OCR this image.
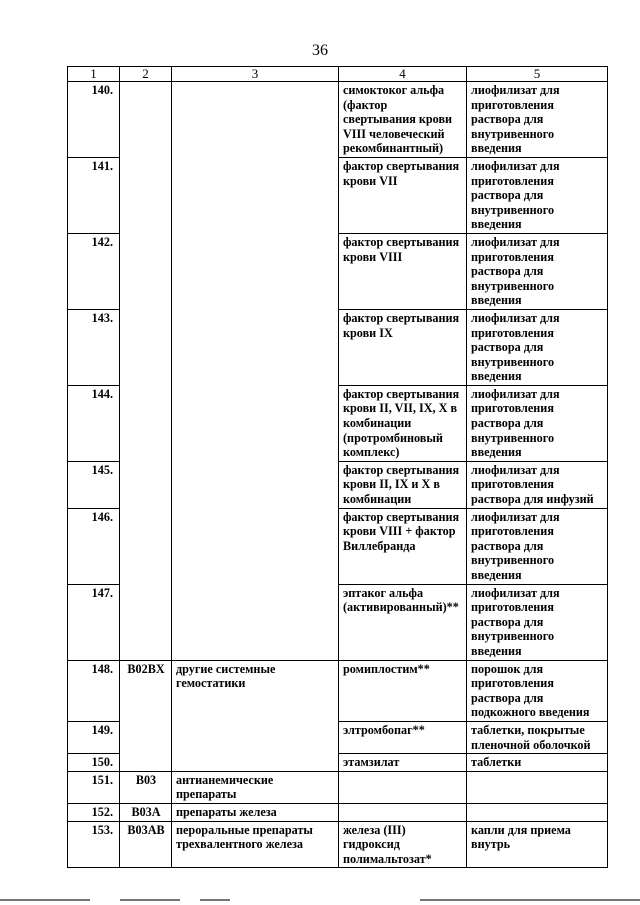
36
1	2	3	4	5
140.			симоктоког альфа (фактор свертывания крови VIII человеческий рекомбинантный)	лиофилизат для приготовления раствора для внутривенного введения
141.			фактор свертывания крови VII	лиофилизат для приготовления раствора для внутривенного введения
142.			фактор свертывания крови VIII	лиофилизат для приготовления раствора для внутривенного введения
143.			фактор свертывания крови IX	лиофилизат для приготовления раствора для внутривенного введения
144.			фактор свертывания крови II, VII, IX, X в комбинации (протромбиновый комплекс)	лиофилизат для приготовления раствора для внутривенного введения
145.			фактор свертывания крови II, IX и X в комбинации	лиофилизат для приготовления раствора для инфузий
146.			фактор свертывания крови VIII + фактор Виллебранда	лиофилизат для приготовления раствора для внутривенного введения
147.			эптаког альфа (активированный)**	лиофилизат для приготовления раствора для внутривенного введения
148.	B02BX	другие системные гемостатики	ромиплостим**	порошок для приготовления раствора для подкожного введения
149.			элтромбопаг**	таблетки, покрытые пленочной оболочкой
150.			этамзилат	таблетки
151.	B03	антианемические препараты		
152.	B03A	препараты железа		
153.	B03AB	пероральные препараты трехвалентного железа	железа (III) гидроксид полимальтозат*	капли для приема внутрь
